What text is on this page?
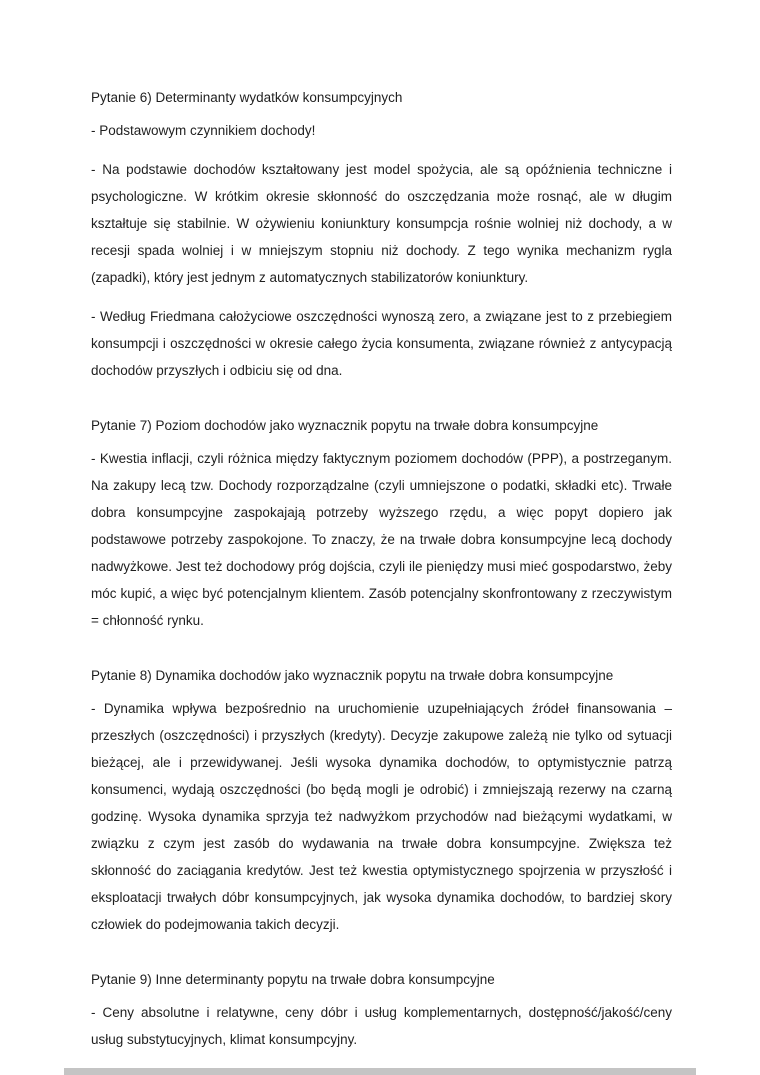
Pytanie 6) Determinanty wydatków konsumpcyjnych

- Podstawowym czynnikiem dochody!

- Na podstawie dochodów kształtowany jest model spożycia, ale są opóźnienia techniczne i psychologiczne. W krótkim okresie skłonność do oszczędzania może rosnąć, ale w długim kształtuje się stabilnie. W ożywieniu koniunktury konsumpcja rośnie wolniej niż dochody, a w recesji spada wolniej i w mniejszym stopniu niż dochody. Z tego wynika mechanizm rygla (zapadki), który jest jednym z automatycznych stabilizatorów koniunktury.

- Według Friedmana całożyciowe oszczędności wynoszą zero, a związane jest to z przebiegiem konsumpcji i oszczędności w okresie całego życia konsumenta, związane również z antycypacją dochodów przyszłych i odbiciu się od dna.

Pytanie 7) Poziom dochodów jako wyznacznik popytu na trwałe dobra konsumpcyjne

- Kwestia inflacji, czyli różnica między faktycznym poziomem dochodów (PPP), a postrzeganym. Na zakupy lecą tzw. Dochody rozporządzalne (czyli umniejszone o podatki, składki etc). Trwałe dobra konsumpcyjne zaspokajają potrzeby wyższego rzędu, a więc popyt dopiero jak podstawowe potrzeby zaspokojone. To znaczy, że na trwałe dobra konsumpcyjne lecą dochody nadwyżkowe. Jest też dochodowy próg dojścia, czyli ile pieniędzy musi mieć gospodarstwo, żeby móc kupić, a więc być potencjalnym klientem. Zasób potencjalny skonfrontowany z rzeczywistym = chłonność rynku.

Pytanie 8) Dynamika dochodów jako wyznacznik popytu na trwałe dobra konsumpcyjne

- Dynamika wpływa bezpośrednio na uruchomienie uzupełniających źródeł finansowania – przeszłych (oszczędności) i przyszłych (kredyty). Decyzje zakupowe zależą nie tylko od sytuacji bieżącej, ale i przewidywanej. Jeśli wysoka dynamika dochodów, to optymistycznie patrzą konsumenci, wydają oszczędności (bo będą mogli je odrobić) i zmniejszają rezerwy na czarną godzinę. Wysoka dynamika sprzyja też nadwyżkom przychodów nad bieżącymi wydatkami, w związku z czym jest zasób do wydawania na trwałe dobra konsumpcyjne. Zwiększa też skłonność do zaciągania kredytów. Jest też kwestia optymistycznego spojrzenia w przyszłość i eksploatacji trwałych dóbr konsumpcyjnych, jak wysoka dynamika dochodów, to bardziej skory człowiek do podejmowania takich decyzji.

Pytanie 9) Inne determinanty popytu na trwałe dobra konsumpcyjne

- Ceny absolutne i relatywne, ceny dóbr i usług komplementarnych, dostępność/jakość/ceny usług substytucyjnych, klimat konsumpcyjny.
